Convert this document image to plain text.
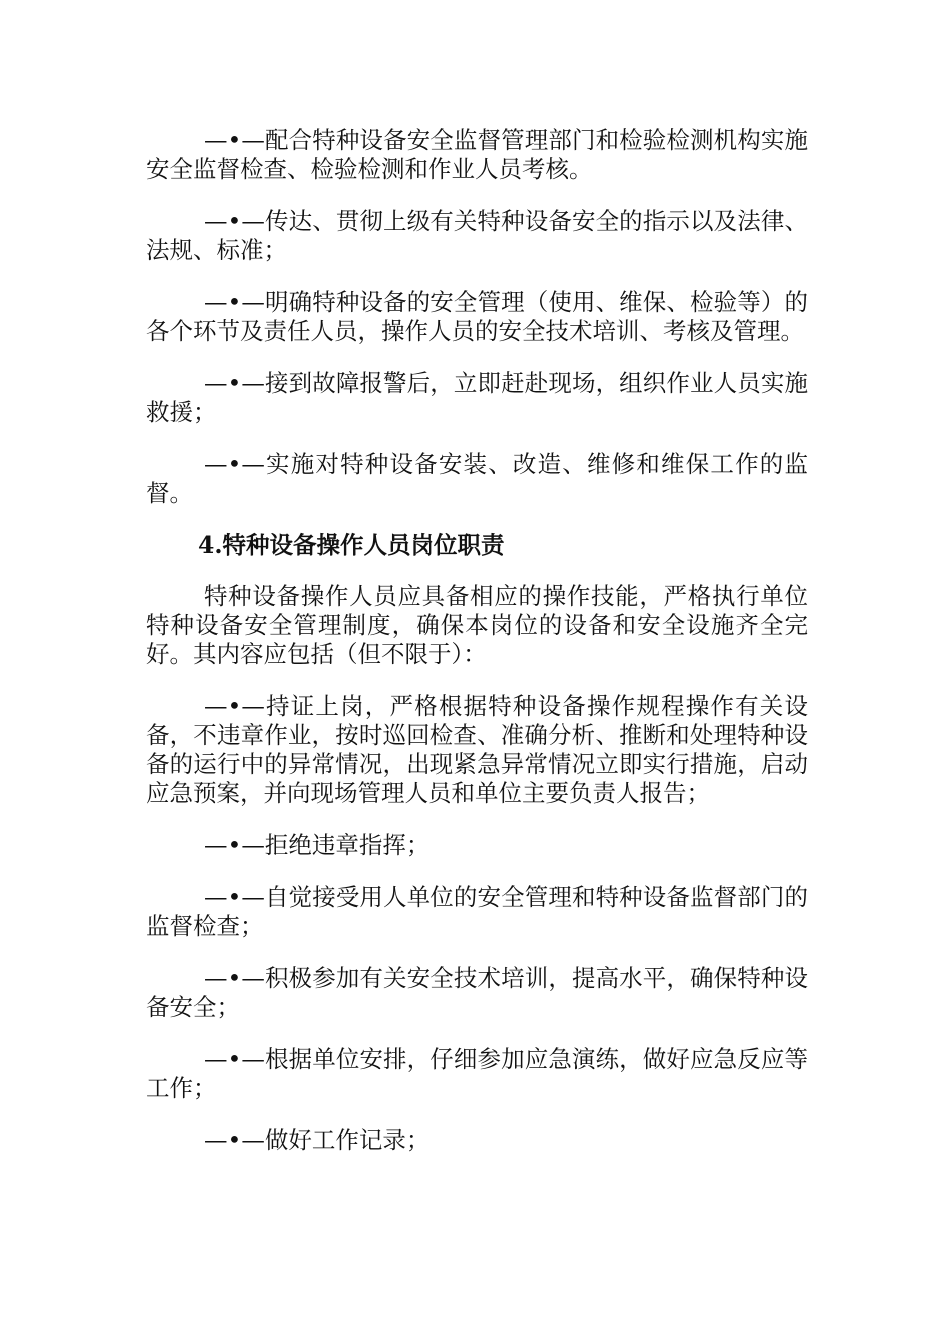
—•—配合特种设备安全监督管理部门和检验检测机构实施安全监督检查、检验检测和作业人员考核。

—•—传达、贯彻上级有关特种设备安全的指示以及法律、法规、标准；

—•—明确特种设备的安全管理（使用、维保、检验等）的各个环节及责任人员，操作人员的安全技术培训、考核及管理。

—•—接到故障报警后，立即赶赴现场，组织作业人员实施救援；

—•—实施对特种设备安装、改造、维修和维保工作的监督。

4.特种设备操作人员岗位职责

特种设备操作人员应具备相应的操作技能，严格执行单位特种设备安全管理制度，确保本岗位的设备和安全设施齐全完好。其内容应包括（但不限于）：

—•—持证上岗，严格根据特种设备操作规程操作有关设备，不违章作业，按时巡回检查、准确分析、推断和处理特种设备的运行中的异常情况，出现紧急异常情况立即实行措施，启动应急预案，并向现场管理人员和单位主要负责人报告；

—•—拒绝违章指挥；

—•—自觉接受用人单位的安全管理和特种设备监督部门的监督检查；

—•—积极参加有关安全技术培训，提高水平，确保特种设备安全；

—•—根据单位安排，仔细参加应急演练，做好应急反应等工作；

—•—做好工作记录；
